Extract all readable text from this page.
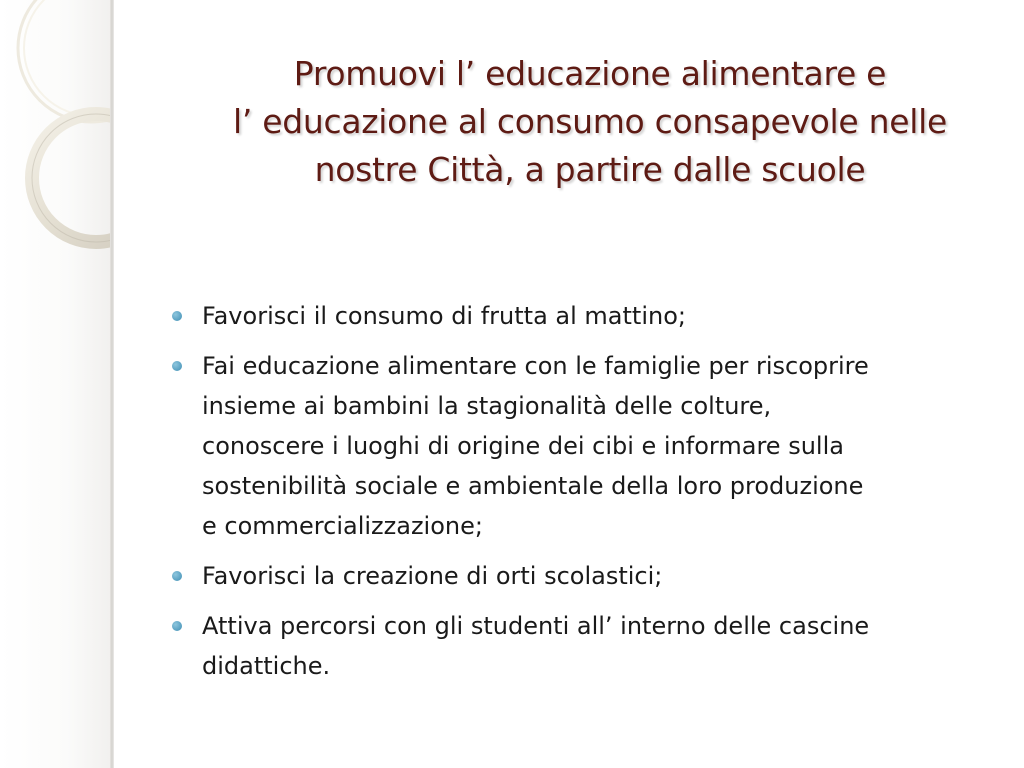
Promuovi l’ educazione alimentare e
l’ educazione al consumo consapevole nelle
nostre Città, a partire dalle scuole
Favorisci il consumo di frutta al mattino;
Fai educazione alimentare con le famiglie per riscoprire
insieme ai bambini la stagionalità delle colture,
conoscere i luoghi di origine dei cibi e informare sulla
sostenibilità sociale e ambientale della loro produzione
e commercializzazione;
Favorisci la creazione di orti scolastici;
Attiva percorsi con gli studenti all’ interno delle cascine
didattiche.
